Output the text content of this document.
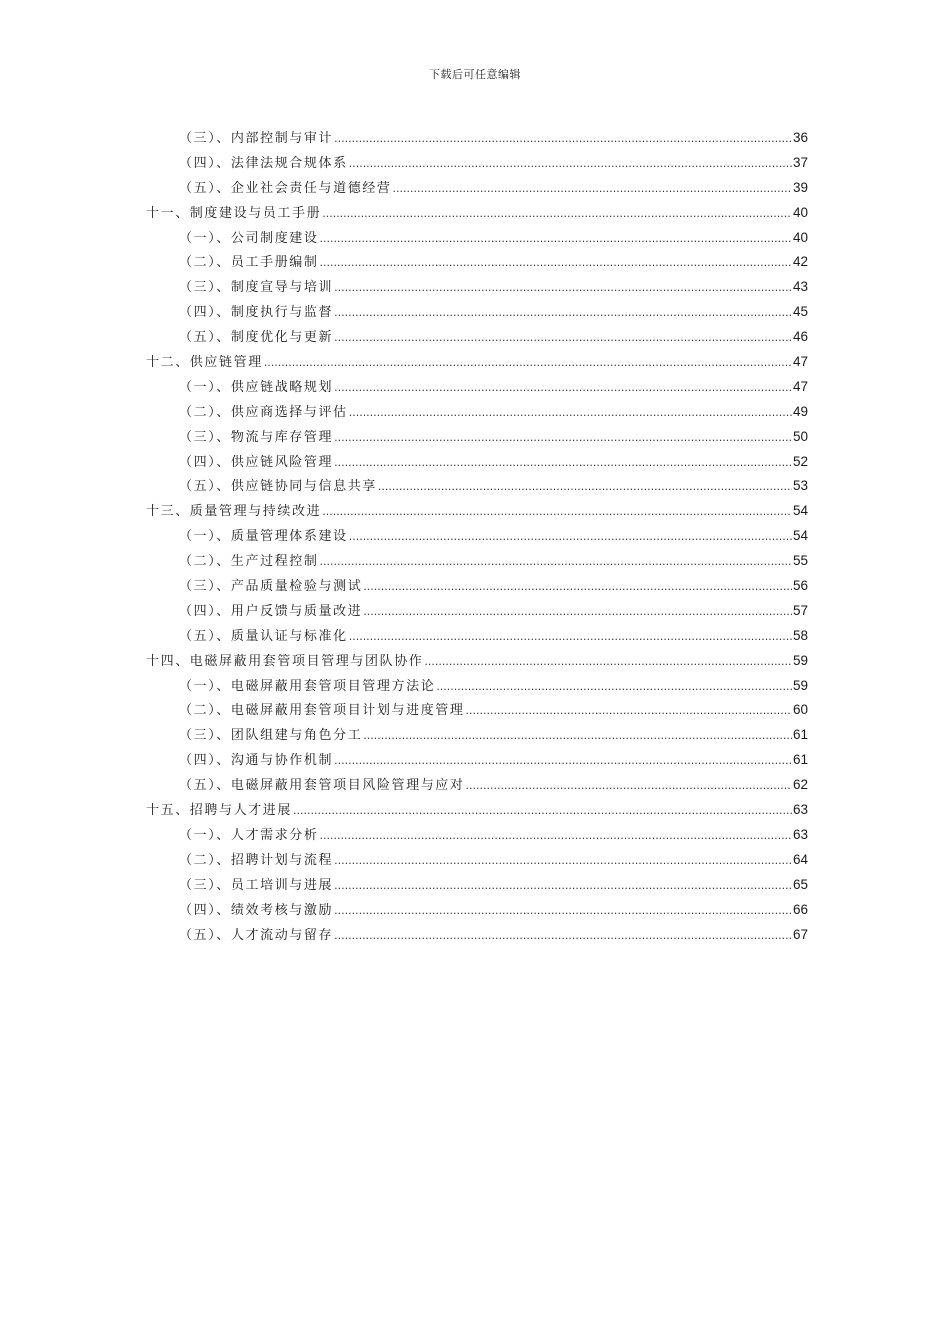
下载后可任意编辑
（三）、内部控制与审计 .....	36
（四）、法律法规合规体系 .....	37
（五）、企业社会责任与道德经营 .....	39
十一、制度建设与员工手册 .....	40
（一）、公司制度建设 .....	40
（二）、员工手册编制 .....	42
（三）、制度宣导与培训 .....	43
（四）、制度执行与监督 .....	45
（五）、制度优化与更新 .....	46
十二、供应链管理 .....	47
（一）、供应链战略规划 .....	47
（二）、供应商选择与评估 .....	49
（三）、物流与库存管理 .....	50
（四）、供应链风险管理 .....	52
（五）、供应链协同与信息共享 .....	53
十三、质量管理与持续改进 .....	54
（一）、质量管理体系建设 .....	54
（二）、生产过程控制 .....	55
（三）、产品质量检验与测试 .....	56
（四）、用户反馈与质量改进 .....	57
（五）、质量认证与标准化 .....	58
十四、电磁屏蔽用套管项目管理与团队协作 .....	59
（一）、电磁屏蔽用套管项目管理方法论 .....	59
（二）、电磁屏蔽用套管项目计划与进度管理 .....	60
（三）、团队组建与角色分工 .....	61
（四）、沟通与协作机制 .....	61
（五）、电磁屏蔽用套管项目风险管理与应对 .....	62
十五、招聘与人才进展 .....	63
（一）、人才需求分析 .....	63
（二）、招聘计划与流程 .....	64
（三）、员工培训与进展 .....	65
（四）、绩效考核与激励 .....	66
（五）、人才流动与留存 .....	67
